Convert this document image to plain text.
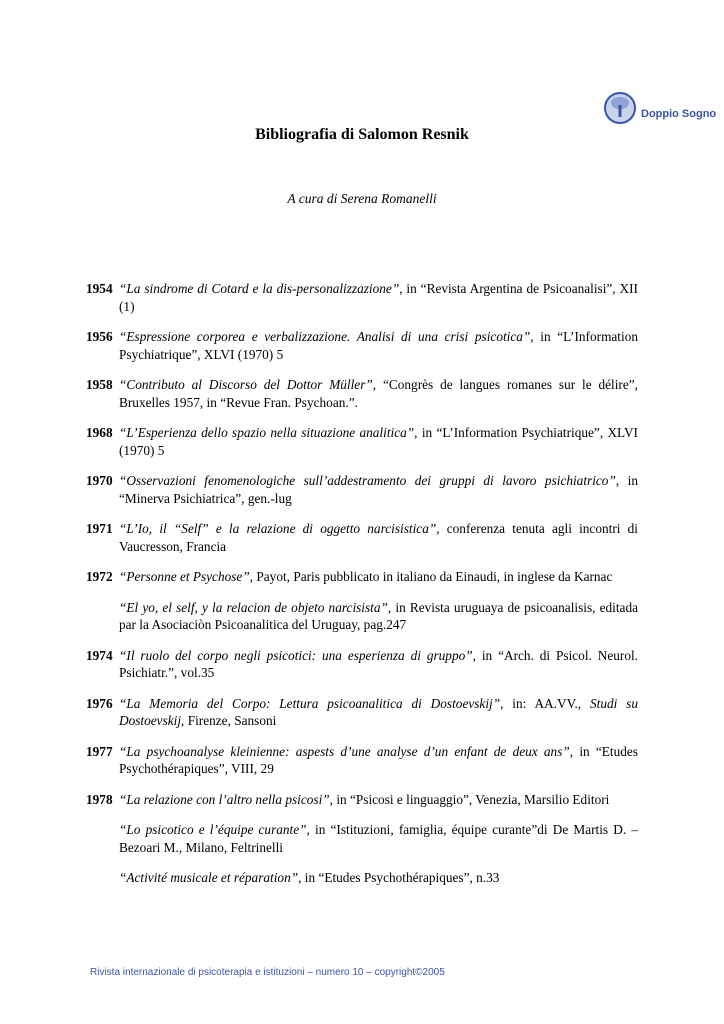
Doppio Sogno
Bibliografia di Salomon Resnik
A cura di Serena Romanelli
1954 “La sindrome di Cotard e la dis-personalizzazione”, in “Revista Argentina de Psicoanalisi”, XII (1)
1956 “Espressione corporea e verbalizzazione. Analisi di una crisi psicotica”, in “L’Information Psychiatrique”, XLVI (1970) 5
1958 “Contributo al Discorso del Dottor Müller”, “Congrès de langues romanes sur le délire”, Bruxelles 1957, in “Revue Fran. Psychoan.”.
1968 “L’Esperienza dello spazio nella situazione analitica”, in “L’Information Psychiatrique”, XLVI (1970) 5
1970 “Osservazioni fenomenologiche sull’addestramento dei gruppi di lavoro psichiatrico”, in “Minerva Psichiatrica”, gen.-lug
1971 “L’Io, il “Self” e la relazione di oggetto narcisistica”, conferenza tenuta agli incontri di Vaucresson, Francia
1972 “Personne et Psychose”, Payot, Paris pubblicato in italiano da Einaudi, in inglese da Karnac
“El yo, el self, y la relacion de objeto narcisista”, in Revista uruguaya de psicoanalisis, editada par la Asociaciòn Psicoanalitica del Uruguay, pag.247
1974 “Il ruolo del corpo negli psicotici: una esperienza di gruppo”, in “Arch. di Psicol. Neurol. Psichiatr.”, vol.35
1976 “La Memoria del Corpo: Lettura psicoanalitica di Dostoevskij”, in: AA.VV., Studi su Dostoevskij, Firenze, Sansoni
1977 “La psychoanalyse kleinienne: aspests d’une analyse d’un enfant de deux ans”, in “Etudes Psychothérapiques”, VIII, 29
1978 “La relazione con l’altro nella psicosi”, in “Psicosi e linguaggio”, Venezia, Marsilio Editori
“Lo psicotico e l’équipe curante”, in “Istituzioni, famiglia, équipe curante”di De Martis D. – Bezoari M., Milano, Feltrinelli
“Activité musicale et réparation”, in “Etudes Psychothérapiques”, n.33
Rivista internazionale di psicoterapia e istituzioni – numero 10 – copyright©2005
